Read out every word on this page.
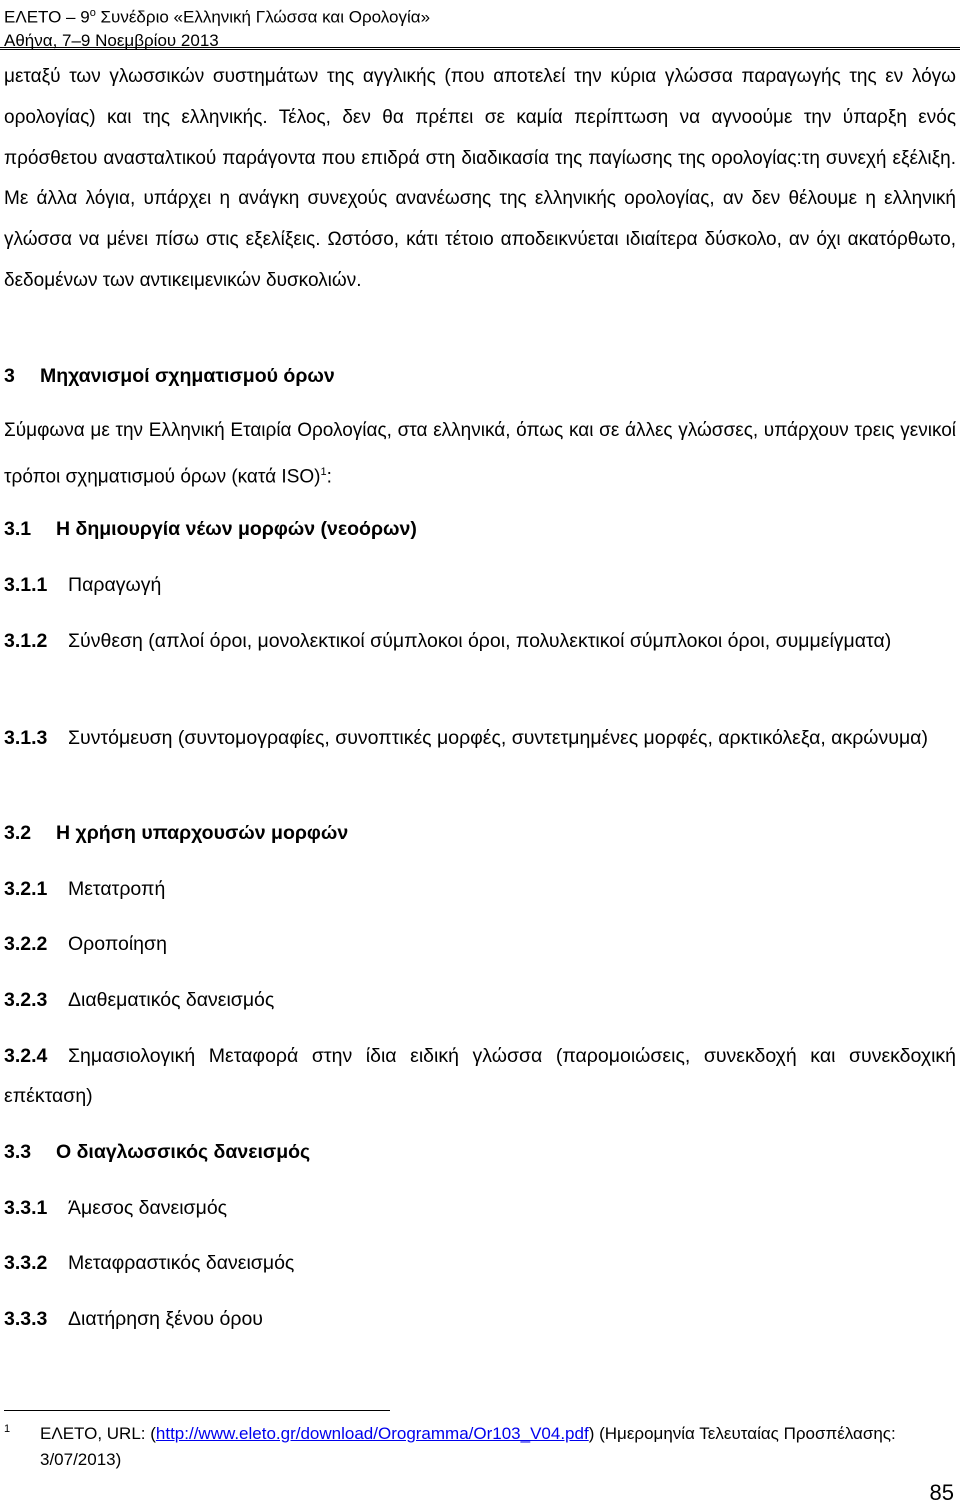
ΕΛΕΤΟ – $9^o$ Συνέδριο «Ελληνική Γλώσσα και Ορολογία»
Αθήνα, 7–9 Νοεμβρίου 2013
μεταξύ των γλωσσικών συστημάτων της αγγλικής (που αποτελεί την κύρια γλώσσα παραγωγής της εν λόγω ορολογίας) και της ελληνικής. Τέλος, δεν θα πρέπει σε καμία περίπτωση να αγνοούμε την ύπαρξη ενός πρόσθετου ανασταλτικού παράγοντα που επιδρά στη διαδικασία της παγίωσης της ορολογίας:τη συνεχή εξέλιξη. Με άλλα λόγια, υπάρχει η ανάγκη συνεχούς ανανέωσης της ελληνικής ορολογίας, αν δεν θέλουμε η ελληνική γλώσσα να μένει πίσω στις εξελίξεις. Ωστόσο, κάτι τέτοιο αποδεικνύεται ιδιαίτερα δύσκολο, αν όχι ακατόρθωτο, δεδομένων των αντικειμενικών δυσκολιών.
3 Μηχανισμοί σχηματισμού όρων
Σύμφωνα με την Ελληνική Εταιρία Ορολογίας, στα ελληνικά, όπως και σε άλλες γλώσσες, υπάρχουν τρεις γενικοί τρόποι σχηματισμού όρων (κατά ISO)$^1$:
3.1 Η δημιουργία νέων μορφών (νεοόρων)
3.1.1 Παραγωγή
3.1.2 Σύνθεση (απλοί όροι, μονολεκτικοί σύμπλοκοι όροι, πολυλεκτικοί σύμπλοκοι όροι, συμμείγματα)
3.1.3 Συντόμευση (συντομογραφίες, συνοπτικές μορφές, συντετμημένες μορφές, αρκτικόλεξα, ακρώνυμα)
3.2 Η χρήση υπαρχουσών μορφών
3.2.1 Μετατροπή
3.2.2 Οροποίηση
3.2.3 Διαθεματικός δανεισμός
3.2.4 Σημασιολογική Μεταφορά στην ίδια ειδική γλώσσα (παρομοιώσεις, συνεκδοχή και συνεκδοχική επέκταση)
3.3 Ο διαγλωσσικός δανεισμός
3.3.1 Άμεσος δανεισμός
3.3.2 Μεταφραστικός δανεισμός
3.3.3 Διατήρηση ξένου όρου
1 ΕΛΕΤΟ, URL: (http://www.eleto.gr/download/Orogramma/Or103_V04.pdf) (Ημερομηνία Τελευταίας Προσπέλασης: 3/07/2013)
85
